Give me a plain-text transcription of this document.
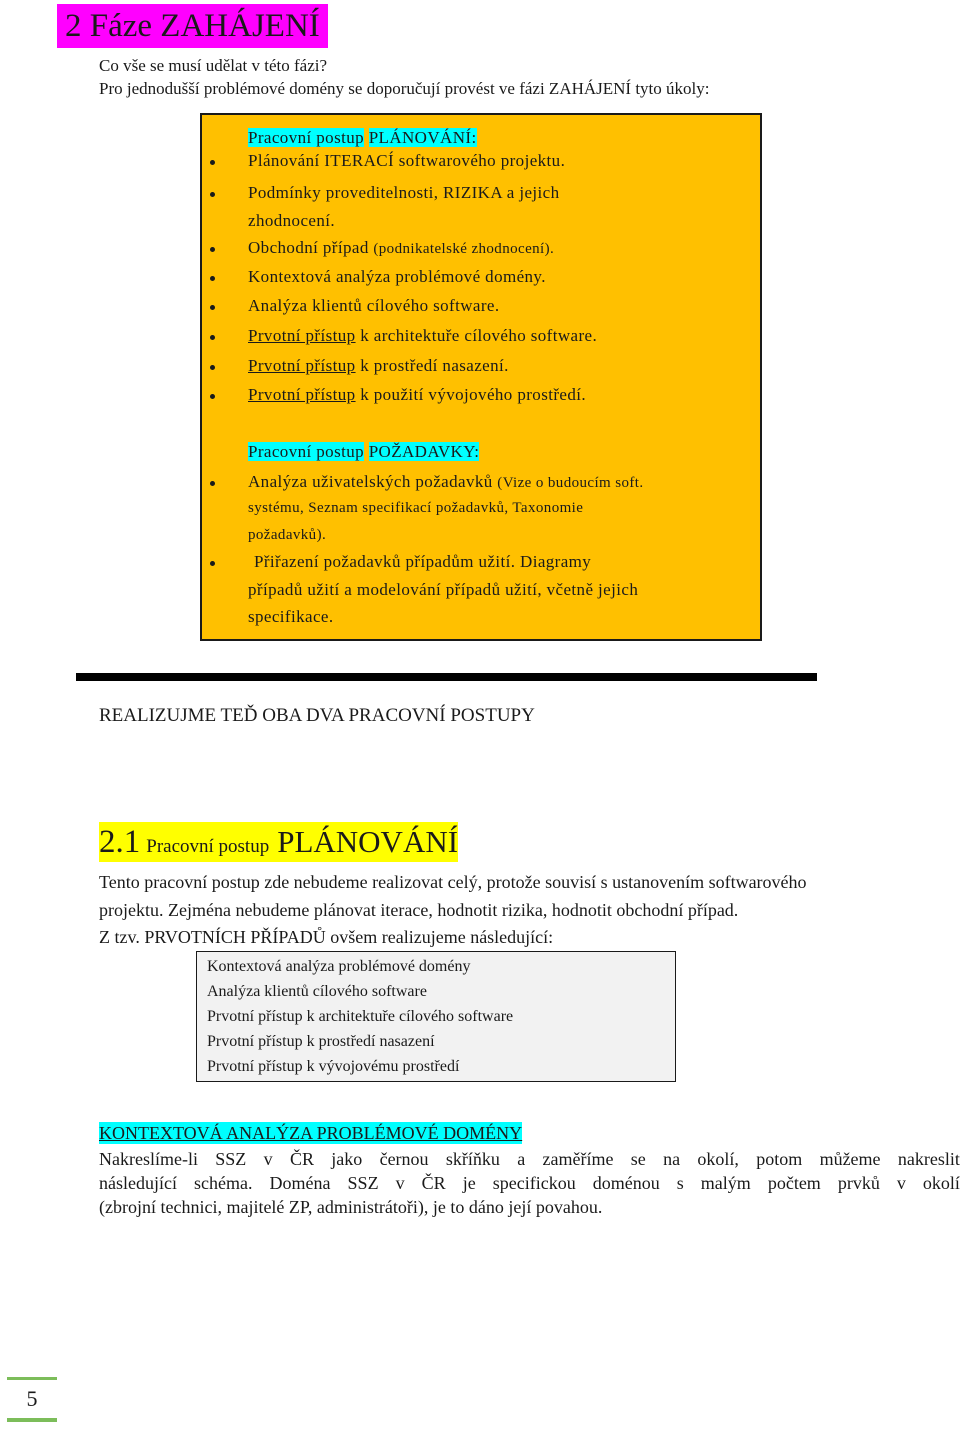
2 Fáze ZAHÁJENÍ
Co vše se musí udělat v této fázi?
Pro jednodušší problémové domény se doporučují provést ve fázi ZAHÁJENÍ tyto úkoly:
Pracovní postup PLÁNOVÁNÍ:
Plánování ITERACÍ softwarového projektu.
Podmínky proveditelnosti, RIZIKA a jejich
zhodnocení.
Obchodní případ (podnikatelské zhodnocení).
Kontextová analýza problémové domény.
Analýza klientů cílového software.
Prvotní přístup k architektuře cílového software.
Prvotní přístup k prostředí nasazení.
Prvotní přístup k použití vývojového prostředí.
Pracovní postup POŽADAVKY:
Analýza uživatelských požadavků (Vize o budoucím soft.
systému, Seznam specifikací požadavků, Taxonomie
požadavků).
Přiřazení požadavků případům užití. Diagramy
případů užití a modelování případů užití, včetně jejich
specifikace.
REALIZUJME TEĎ OBA DVA PRACOVNÍ POSTUPY
2.1 Pracovní postup PLÁNOVÁNÍ
Tento pracovní postup zde nebudeme realizovat celý, protože souvisí s ustanovením softwarového
projektu. Zejména nebudeme plánovat iterace, hodnotit rizika, hodnotit obchodní případ.
Z tzv. PRVOTNÍCH PŘÍPADŮ ovšem realizujeme následující:
Kontextová analýza problémové domény
Analýza klientů cílového software
Prvotní přístup k architektuře cílového software
Prvotní přístup k prostředí nasazení
Prvotní přístup k vývojovému prostředí
KONTEXTOVÁ ANALÝZA PROBLÉMOVÉ DOMÉNY
Nakreslíme-li SSZ v ČR jako černou skříňku a zaměříme se na okolí, potom můžeme nakreslit
následující schéma. Doména SSZ v ČR je specifickou doménou s malým počtem prvků v okolí
(zbrojní technici, majitelé ZP, administrátoři), je to dáno její povahou.
5
